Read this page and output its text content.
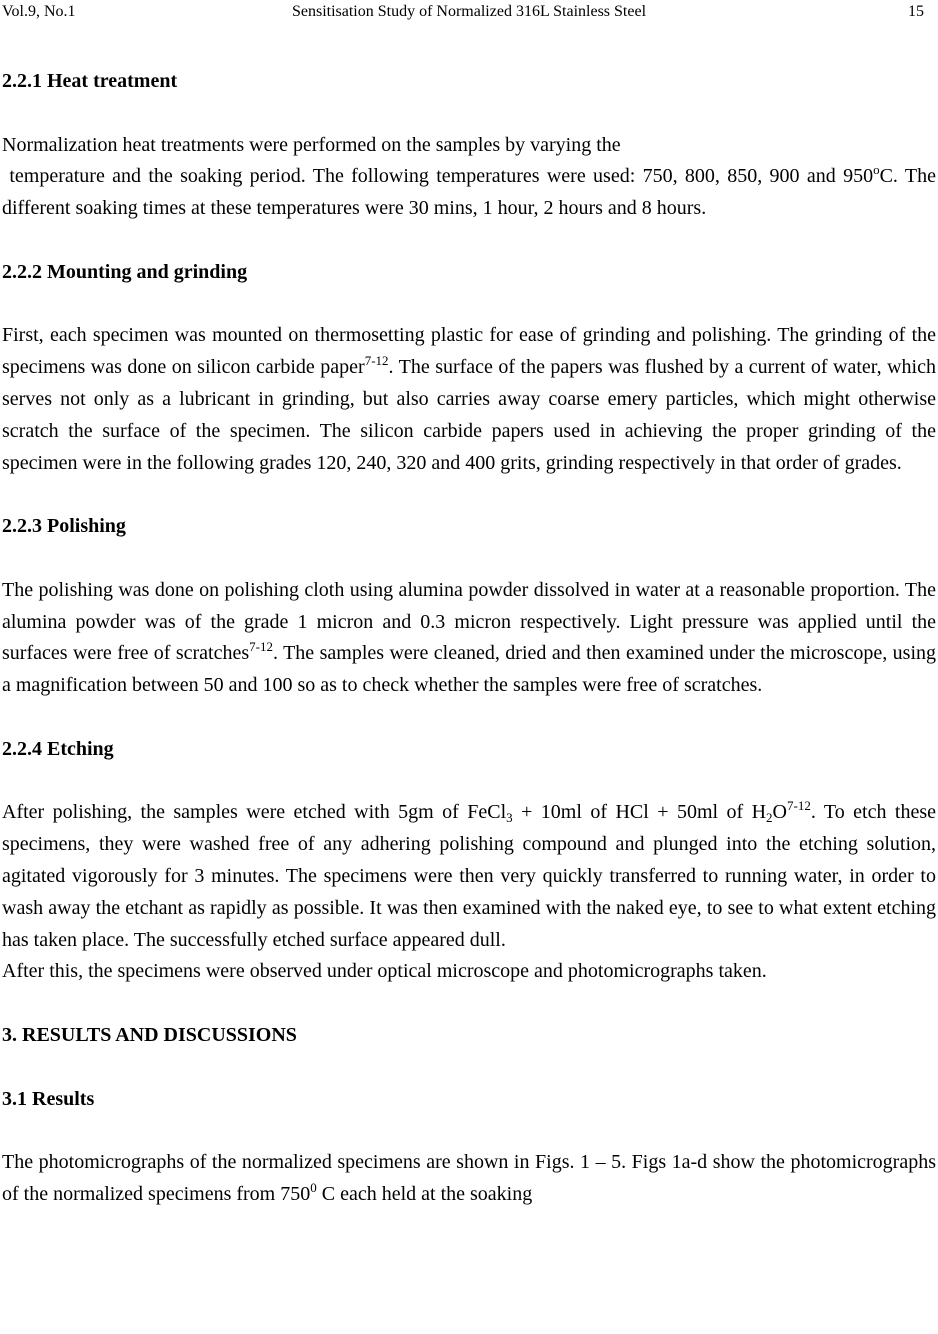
Vol.9, No.1	Sensitisation Study of Normalized 316L Stainless Steel	15
2.2.1 Heat treatment

Normalization heat treatments were performed on the samples by varying the

temperature and the soaking period. The following temperatures were used: 750, 800, 850, 900 and 950$^o$C. The different soaking times at these temperatures were 30 mins, 1 hour, 2 hours and 8 hours.

2.2.2 Mounting and grinding

First, each specimen was mounted on thermosetting plastic for ease of grinding and polishing. The grinding of the specimens was done on silicon carbide paper$^{7-12}$. The surface of the papers was flushed by a current of water, which serves not only as a lubricant in grinding, but also carries away coarse emery particles, which might otherwise scratch the surface of the specimen. The silicon carbide papers used in achieving the proper grinding of the specimen were in the following grades 120, 240, 320 and 400 grits, grinding respectively in that order of grades.

2.2.3 Polishing

The polishing was done on polishing cloth using alumina powder dissolved in water at a reasonable proportion. The alumina powder was of the grade 1 micron and 0.3 micron respectively. Light pressure was applied until the surfaces were free of scratches$^{7-12}$. The samples were cleaned, dried and then examined under the microscope, using a magnification between 50 and 100 so as to check whether the samples were free of scratches.

2.2.4 Etching

After polishing, the samples were etched with 5gm of FeCl$_3$ + 10ml of HCl + 50ml of $H_2O^{7-12}$. To etch these specimens, they were washed free of any adhering polishing compound and plunged into the etching solution, agitated vigorously for 3 minutes. The specimens were then very quickly transferred to running water, in order to wash away the etchant as rapidly as possible. It was then examined with the naked eye, to see to what extent etching has taken place. The successfully etched surface appeared dull.

After this, the specimens were observed under optical microscope and photomicrographs taken.

3. RESULTS AND DISCUSSIONS
3.1 Results

The photomicrographs of the normalized specimens are shown in Figs. 1 – 5. Figs 1a-d show the photomicrographs of the normalized specimens from $750^0$ C each held at the soaking
